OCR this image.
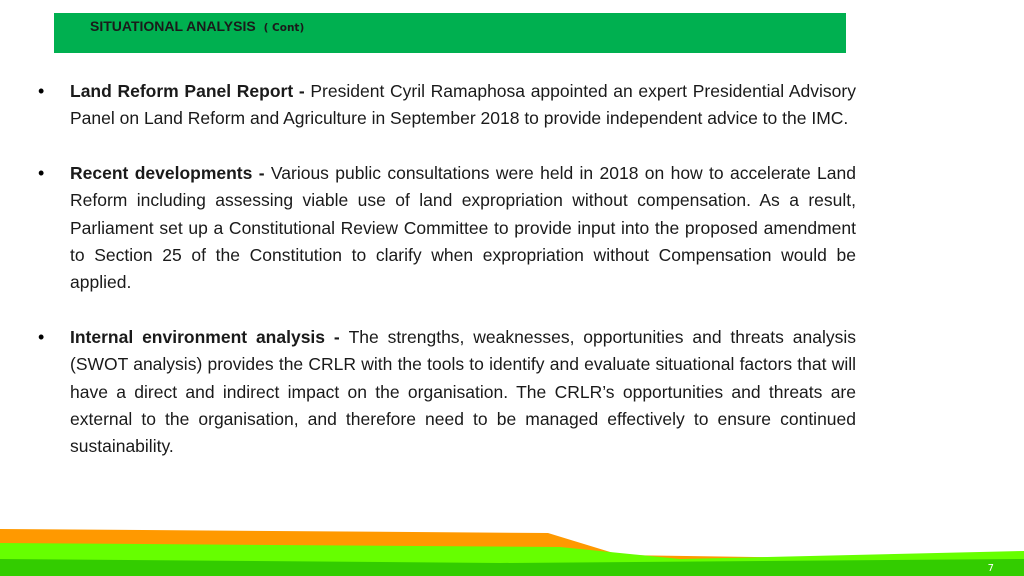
SITUATIONAL ANALYSIS ( Cont)
• Land Reform Panel Report - President Cyril Ramaphosa appointed an expert Presidential Advisory Panel on Land Reform and Agriculture in September 2018 to provide independent advice to the IMC.

• Recent developments - Various public consultations were held in 2018 on how to accelerate Land Reform including assessing viable use of land expropriation without compensation. As a result, Parliament set up a Constitutional Review Committee to provide input into the proposed amendment to Section 25 of the Constitution to clarify when expropriation without Compensation would be applied.

• Internal environment analysis - The strengths, weaknesses, opportunities and threats analysis (SWOT analysis) provides the CRLR with the tools to identify and evaluate situational factors that will have a direct and indirect impact on the organisation. The CRLR’s opportunities and threats are external to the organisation, and therefore need to be managed effectively to ensure continued sustainability.

7
